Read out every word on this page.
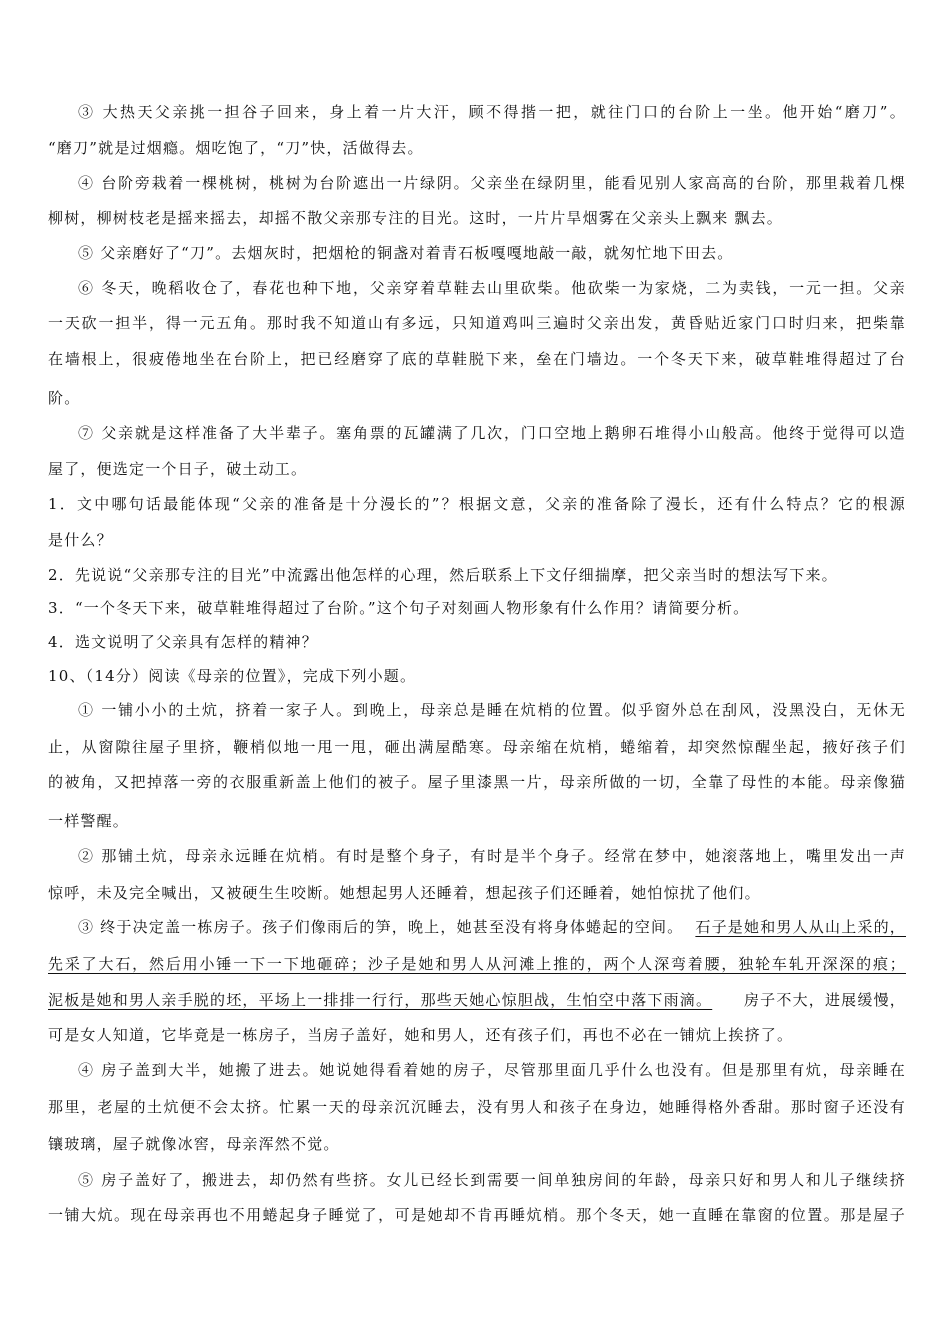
③ 大热天父亲挑一担谷子回来，身上着一片大汗，顾不得揩一把，就往门口的台阶上一坐。他开始“磨刀”。
“磨刀”就是过烟瘾。烟吃饱了，“刀”快，活做得去。
④ 台阶旁栽着一棵桃树，桃树为台阶遮出一片绿阴。父亲坐在绿阴里，能看见别人家高高的台阶，那里栽着几棵
柳树，柳树枝老是摇来摇去，却摇不散父亲那专注的目光。这时，一片片旱烟雾在父亲头上飘来 飘去。
⑤ 父亲磨好了“刀”。去烟灰时，把烟枪的铜盏对着青石板嘎嘎地敲一敲，就匆忙地下田去。
⑥ 冬天，晚稻收仓了，春花也种下地，父亲穿着草鞋去山里砍柴。他砍柴一为家烧，二为卖钱，一元一担。父亲
一天砍一担半，得一元五角。那时我不知道山有多远，只知道鸡叫三遍时父亲出发，黄昏贴近家门口时归来，把柴靠
在墙根上，很疲倦地坐在台阶上，把已经磨穿了底的草鞋脱下来，垒在门墙边。一个冬天下来，破草鞋堆得超过了台
阶。
⑦ 父亲就是这样准备了大半辈子。塞角票的瓦罐满了几次，门口空地上鹅卵石堆得小山般高。他终于觉得可以造
屋了，便选定一个日子，破土动工。
1．文中哪句话最能体现“父亲的准备是十分漫长的”？根据文意，父亲的准备除了漫长，还有什么特点？它的根源
是什么？
2．先说说“父亲那专注的目光”中流露出他怎样的心理，然后联系上下文仔细揣摩，把父亲当时的想法写下来。
3．“一个冬天下来，破草鞋堆得超过了台阶。”这个句子对刻画人物形象有什么作用？请简要分析。
4．选文说明了父亲具有怎样的精神？
10、（14分）阅读《母亲的位置》，完成下列小题。
① 一铺小小的土炕，挤着一家子人。到晚上，母亲总是睡在炕梢的位置。似乎窗外总在刮风，没黑没白，无休无
止，从窗隙往屋子里挤，鞭梢似地一甩一甩，砸出满屋酷寒。母亲缩在炕梢，蜷缩着，却突然惊醒坐起，掖好孩子们
的被角，又把掉落一旁的衣服重新盖上他们的被子。屋子里漆黑一片，母亲所做的一切，全靠了母性的本能。母亲像猫
一样警醒。
② 那铺土炕，母亲永远睡在炕梢。有时是整个身子，有时是半个身子。经常在梦中，她滚落地上，嘴里发出一声
惊呼，未及完全喊出，又被硬生生咬断。她想起男人还睡着，想起孩子们还睡着，她怕惊扰了他们。
③ 终于决定盖一栋房子。孩子们像雨后的笋，晚上，她甚至没有将身体蜷起的空间。 石子是她和男人从山上采的，
先采了大石，然后用小锤一下一下地砸碎；沙子是她和男人从河滩上推的，两个人深弯着腰，独轮车轧开深深的痕；
泥板是她和男人亲手脱的坯，平场上一排排一行行，那些天她心惊胆战，生怕空中落下雨滴。 房子不大，进展缓慢，
可是女人知道，它毕竟是一栋房子，当房子盖好，她和男人，还有孩子们，再也不必在一铺炕上挨挤了。
④ 房子盖到大半，她搬了进去。她说她得看着她的房子，尽管那里面几乎什么也没有。但是那里有炕，母亲睡在
那里，老屋的土炕便不会太挤。忙累一天的母亲沉沉睡去，没有男人和孩子在身边，她睡得格外香甜。那时窗子还没有
镶玻璃，屋子就像冰窖，母亲浑然不觉。
⑤ 房子盖好了，搬进去，却仍然有些挤。女儿已经长到需要一间单独房间的年龄，母亲只好和男人和儿子继续挤
一铺大炕。现在母亲再也不用蜷起身子睡觉了，可是她却不肯再睡炕梢。那个冬天，她一直睡在靠窗的位置。那是屋子
